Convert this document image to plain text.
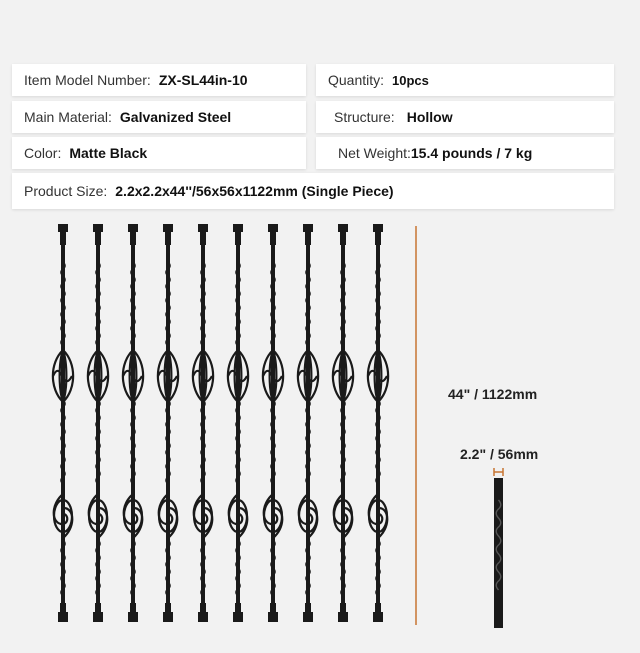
Item Model Number: ZX-SL44in-10	Quantity: 10pcs
Main Material: Galvanized Steel	Structure: Hollow
Color: Matte Black	Net Weight: 15.4 pounds / 7 kg
Product Size: 2.2x2.2x44''/56x56x1122mm (Single Piece)
44" / 1122mm
2.2" / 56mm
